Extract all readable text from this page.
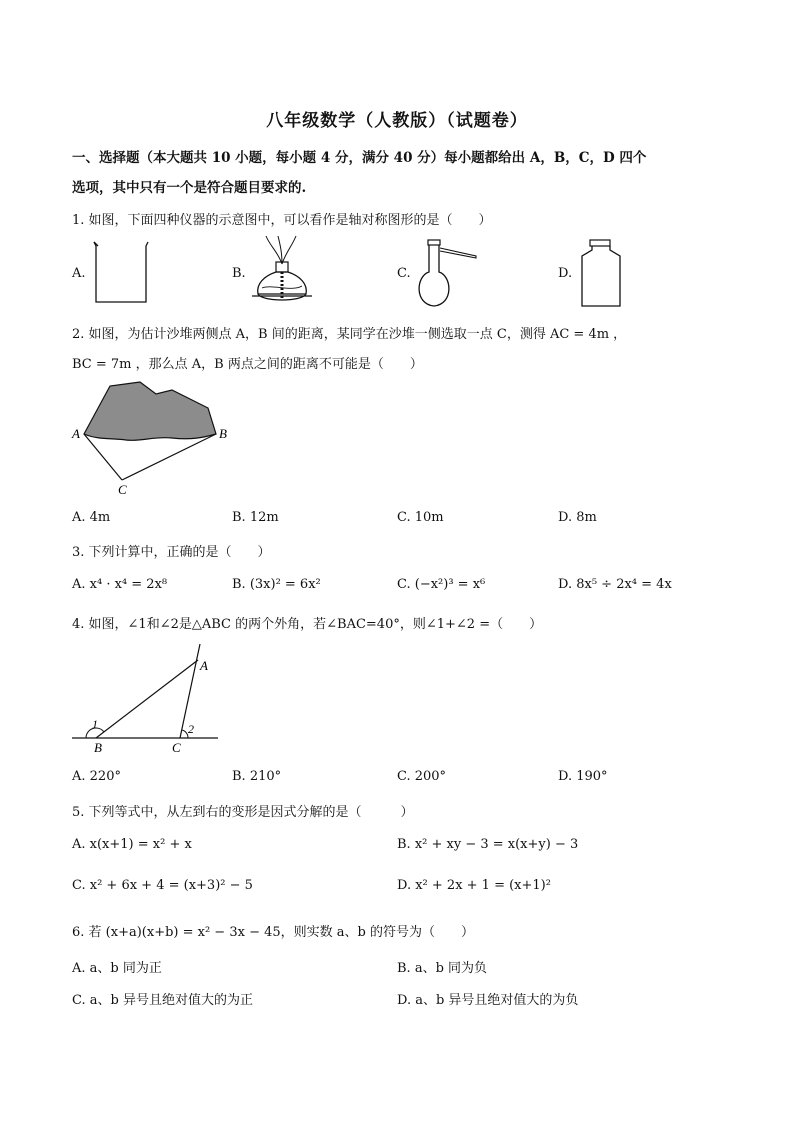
八年级数学（人教版）（试题卷）
一、选择题（本大题共 10 小题，每小题 4 分，满分 40 分）每小题都给出 A，B，C，D 四个
选项，其中只有一个是符合题目要求的.
1. 如图，下面四种仪器的示意图中，可以看作是轴对称图形的是（　　）
A.	B.	C.	D.
2. 如图，为估计沙堆两侧点 A，B 间的距离，某同学在沙堆一侧选取一点 C，测得 AC = 4m ，
BC = 7m ，那么点 A，B 两点之间的距离不可能是（　　）
A	B
C
A. 4m	B. 12m	C. 10m	D. 8m
3. 下列计算中，正确的是（　　）
A. x⁴ · x⁴ = 2x⁸	B. (3x)² = 6x²	C. (−x²)³ = x⁶	D. 8x⁵ ÷ 2x⁴ = 4x
4. 如图，∠1和∠2是△ABC 的两个外角，若∠BAC=40°，则∠1+∠2 =（　　）
A
B	C
1	2
A. 220°	B. 210°	C. 200°	D. 190°
5. 下列等式中，从左到右的变形是因式分解的是（　　　）
A. x(x+1) = x² + x	B. x² + xy − 3 = x(x+y) − 3
C. x² + 6x + 4 = (x+3)² − 5	D. x² + 2x + 1 = (x+1)²
6. 若 (x+a)(x+b) = x² − 3x − 45，则实数 a、b 的符号为（　　）
A. a、b 同为正	B. a、b 同为负
C. a、b 异号且绝对值大的为正	D. a、b 异号且绝对值大的为负
